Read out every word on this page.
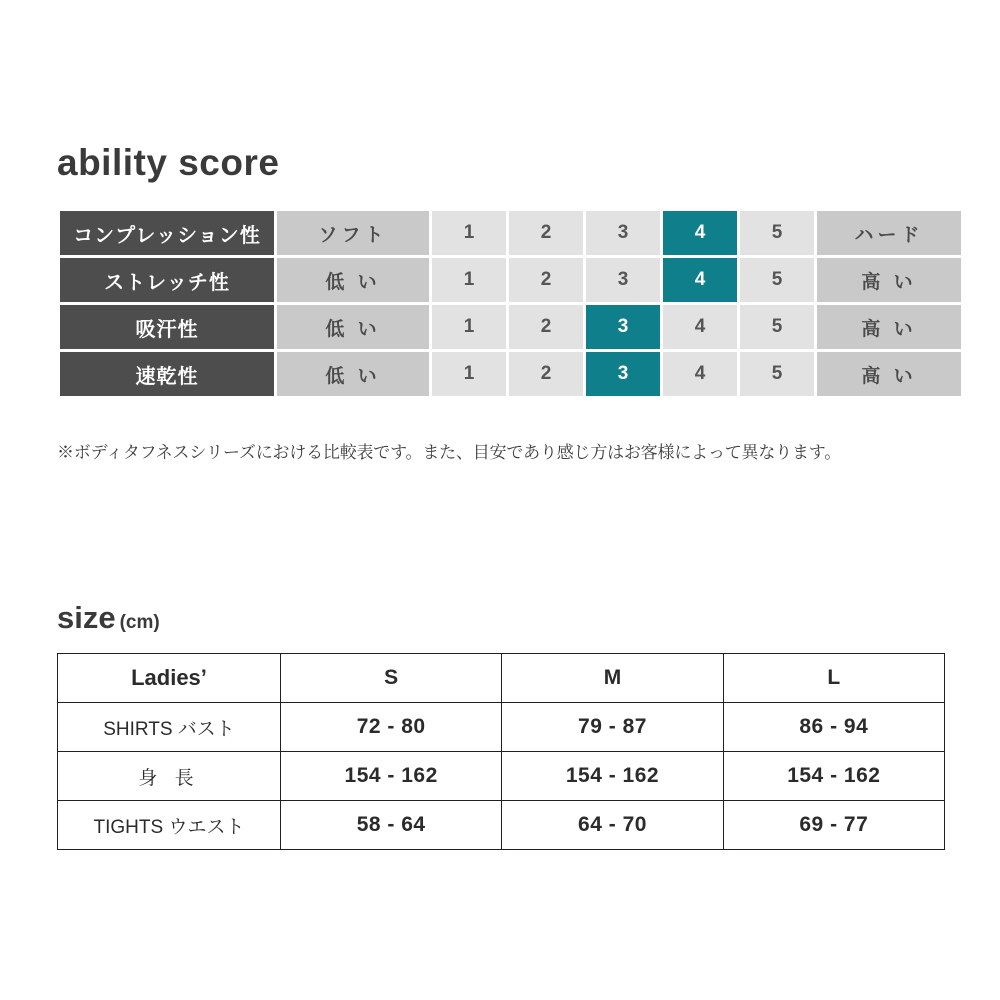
ability score
コンプレッション性	ソフト	1	2	3	4	5	ハード
ストレッチ性	低 い	1	2	3	4	5	高 い
吸汗性	低 い	1	2	3	4	5	高 い
速乾性	低 い	1	2	3	4	5	高 い
※ボディタフネスシリーズにおける比較表です。また、目安であり感じ方はお客様によって異なります。
size (cm)
Ladies’	S	M	L
SHIRTS バスト	72 - 80	79 - 87	86 - 94
身 長	154 - 162	154 - 162	154 - 162
TIGHTS ウエスト	58 - 64	64 - 70	69 - 77
